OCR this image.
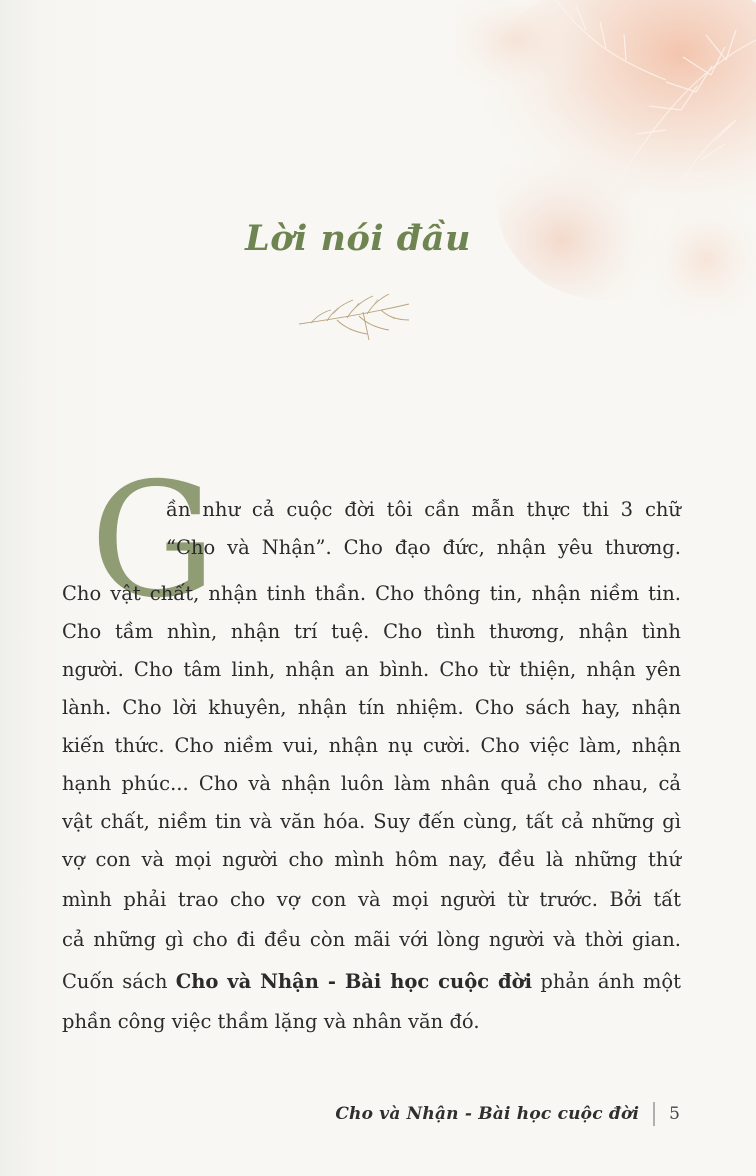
Lời nói đầu
G
ần như cả cuộc đời tôi cần mẫn thực thi 3 chữ
“Cho và Nhận”. Cho đạo đức, nhận yêu thương.
Cho vật chất, nhận tinh thần. Cho thông tin, nhận niềm tin.
Cho tầm nhìn, nhận trí tuệ. Cho tình thương, nhận tình
người. Cho tâm linh, nhận an bình. Cho từ thiện, nhận yên
lành. Cho lời khuyên, nhận tín nhiệm. Cho sách hay, nhận
kiến thức. Cho niềm vui, nhận nụ cười. Cho việc làm, nhận
hạnh phúc... Cho và nhận luôn làm nhân quả cho nhau, cả
vật chất, niềm tin và văn hóa. Suy đến cùng, tất cả những gì
vợ con và mọi người cho mình hôm nay, đều là những thứ
mình phải trao cho vợ con và mọi người từ trước. Bởi tất
cả những gì cho đi đều còn mãi với lòng người và thời gian.
Cuốn sách Cho và Nhận - Bài học cuộc đời phản ánh một
phần công việc thầm lặng và nhân văn đó.
Cho và Nhận - Bài học cuộc đời 5
